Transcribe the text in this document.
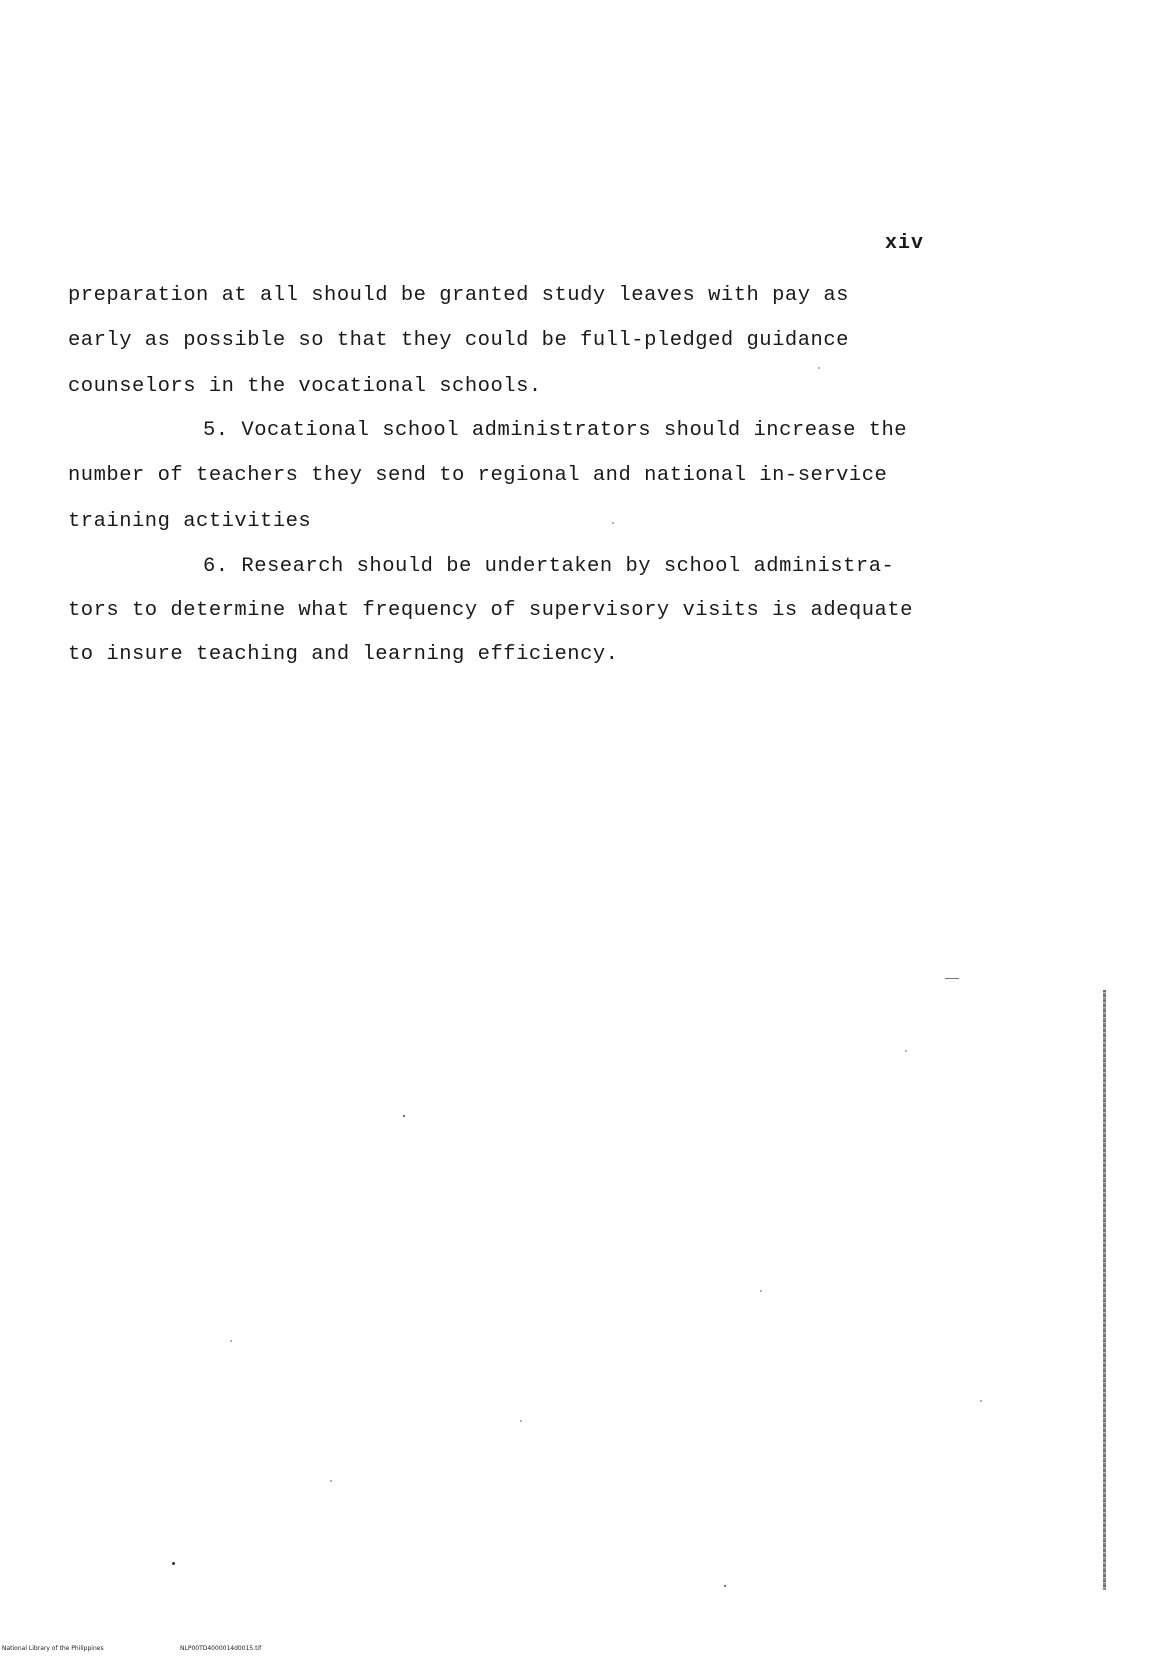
xiv
preparation at all should be granted study leaves with pay as
early as possible so that they could be full-pledged guidance
counselors in the vocational schools.
5. Vocational school administrators should increase the
number of teachers they send to regional and national in-service
training activities
6. Research should be undertaken by school administra-
tors to determine what frequency of supervisory visits is adequate
to insure teaching and learning efficiency.
National Library of the Philippines	NLP00TD4000014d0015.tif
